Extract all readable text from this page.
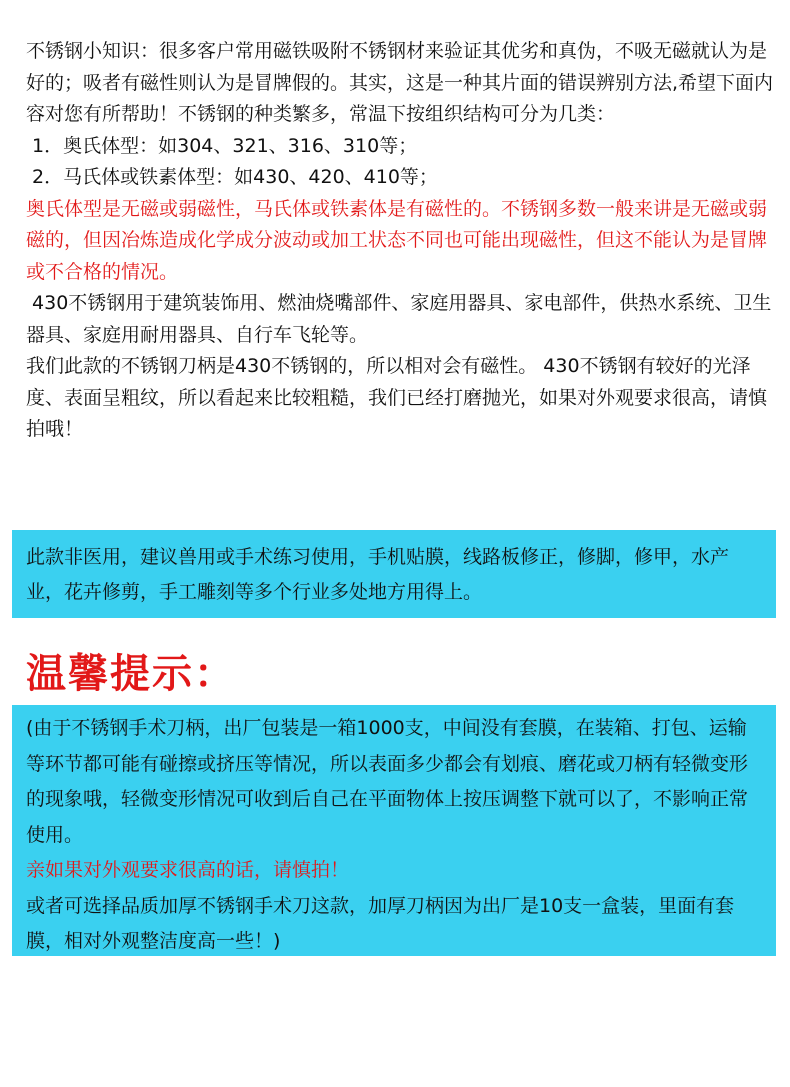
不锈钢小知识：很多客户常用磁铁吸附不锈钢材来验证其优劣和真伪，不吸无磁就认为是好的；吸者有磁性则认为是冒牌假的。其实，这是一种其片面的错误辨别方法,希望下面内容对您有所帮助！不锈钢的种类繁多，常温下按组织结构可分为几类：

1．奥氏体型：如304、321、316、310等；

2．马氏体或铁素体型：如430、420、410等；

奥氏体型是无磁或弱磁性，马氏体或铁素体是有磁性的。不锈钢多数一般来讲是无磁或弱磁的，但因冶炼造成化学成分波动或加工状态不同也可能出现磁性，但这不能认为是冒牌或不合格的情况。

430不锈钢用于建筑装饰用、燃油烧嘴部件、家庭用器具、家电部件，供热水系统、卫生器具、家庭用耐用器具、自行车飞轮等。

我们此款的不锈钢刀柄是430不锈钢的，所以相对会有磁性。 430不锈钢有较好的光泽度、表面呈粗纹，所以看起来比较粗糙，我们已经打磨抛光，如果对外观要求很高，请慎拍哦！

此款非医用，建议兽用或手术练习使用，手机贴膜，线路板修正，修脚，修甲，水产业，花卉修剪，手工雕刻等多个行业多处地方用得上。

温馨提示：

(由于不锈钢手术刀柄，出厂包装是一箱1000支，中间没有套膜，在装箱、打包、运输等环节都可能有碰擦或挤压等情况，所以表面多少都会有划痕、磨花或刀柄有轻微变形的现象哦，轻微变形情况可收到后自己在平面物体上按压调整下就可以了，不影响正常使用。

亲如果对外观要求很高的话，请慎拍！

或者可选择品质加厚不锈钢手术刀这款，加厚刀柄因为出厂是10支一盒装，里面有套膜，相对外观整洁度高一些！)
